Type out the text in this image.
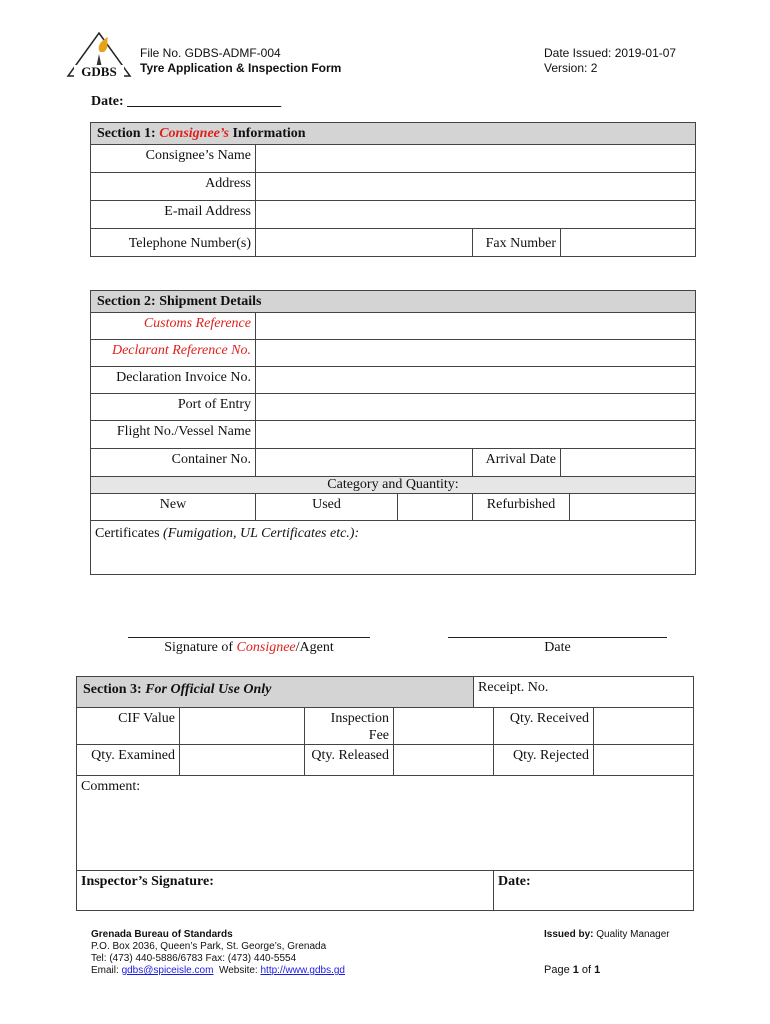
GDBS
File No. GDBS-ADMF-004
Tyre Application & Inspection Form
Date Issued: 2019-01-07
Version: 2
Date: ______________________
Section 1: Consignee’s Information			
Consignee’s Name			
Address			
E-mail Address			
Telephone Number(s)		Fax Number	
Section 2: Shipment Details					
Customs Reference					
Declarant Reference No.					
Declaration Invoice No.					
Port of Entry					
Flight No./Vessel Name					
Container No.			Arrival Date		
Category and Quantity:					
New	Used		Refurbished		
Certificates (Fumigation, UL Certificates etc.):					
Signature of Consignee/Agent	Date
Section 3: For Official Use Only				Receipt. No.		
CIF Value		Inspection Fee			Qty. Received	
Qty. Examined		Qty. Released			Qty. Rejected	
Comment:						
Inspector’s Signature:					Date:	
Grenada Bureau of Standards
P.O. Box 2036, Queen’s Park, St. George’s, Grenada
Tel: (473) 440-5886/6783 Fax: (473) 440-5554
Email: gdbs@spiceisle.com  Website: http://www.gdbs.gd
Issued by: Quality Manager
Page 1 of 1
